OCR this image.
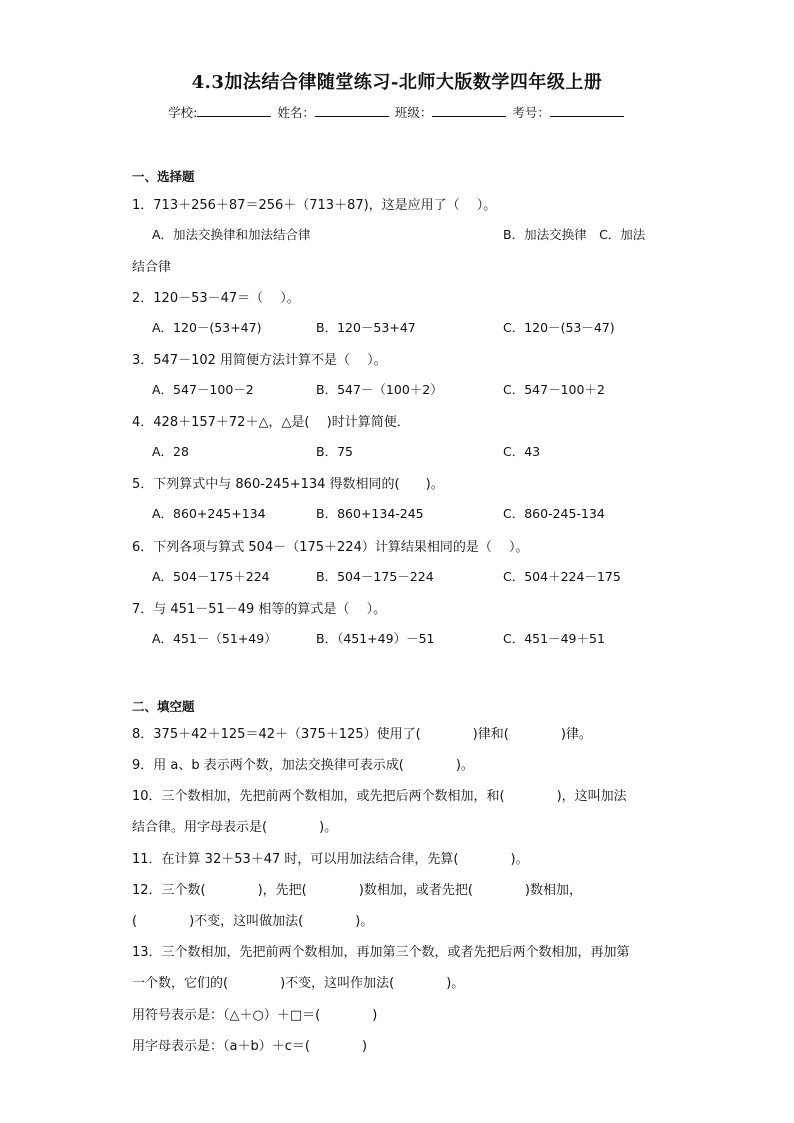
4.3加法结合律随堂练习-北师大版数学四年级上册
学校:	姓名：	班级：	考号：
一、选择题
1．713＋256＋87＝256＋（713＋87)，这是应用了（　 ）。
A．加法交换律和加法结合律	B．加法交换律　C．加法
结合律
2．120－53－47＝（　 ）。
A．120－(53+47)	B．120－53+47	C．120－(53－47)
3．547－102 用简便方法计算不是（　 ）。
A．547－100－2	B．547－（100＋2）	C．547－100＋2
4．428＋157＋72＋△，△是(　 )时计算简便．
A．28	B．75	C．43
5．下列算式中与 860-245+134 得数相同的(　　)。
A．860+245+134	B．860+134-245	C．860-245-134
6．下列各项与算式 504－（175＋224）计算结果相同的是（　 ）。
A．504－175＋224	B．504－175－224	C．504＋224－175
7．与 451－51－49 相等的算式是（　 ）。
A．451－（51+49）	B．（451+49）－51	C．451－49＋51
二、填空题
8．375＋42＋125＝42＋（375＋125）使用了(　　　　)律和(　　　　)律。
9．用 a、b 表示两个数，加法交换律可表示成(　　　　)。
10．三个数相加，先把前两个数相加，或先把后两个数相加，和(　　　　)，这叫加法
结合律。用字母表示是(　　　　)。
11．在计算 32＋53＋47 时，可以用加法结合律，先算(　　　　)。
12．三个数(　　　　)，先把(　　　　)数相加，或者先把(　　　　)数相加，
(　　　　)不变，这叫做加法(　　　　)。
13．三个数相加，先把前两个数相加，再加第三个数，或者先把后两个数相加，再加第
一个数，它们的(　　　　)不变，这叫作加法(　　　　)。
用符号表示是：（△＋○）＋□＝(　　　　)
用字母表示是：（a＋b）＋c＝(　　　　)
